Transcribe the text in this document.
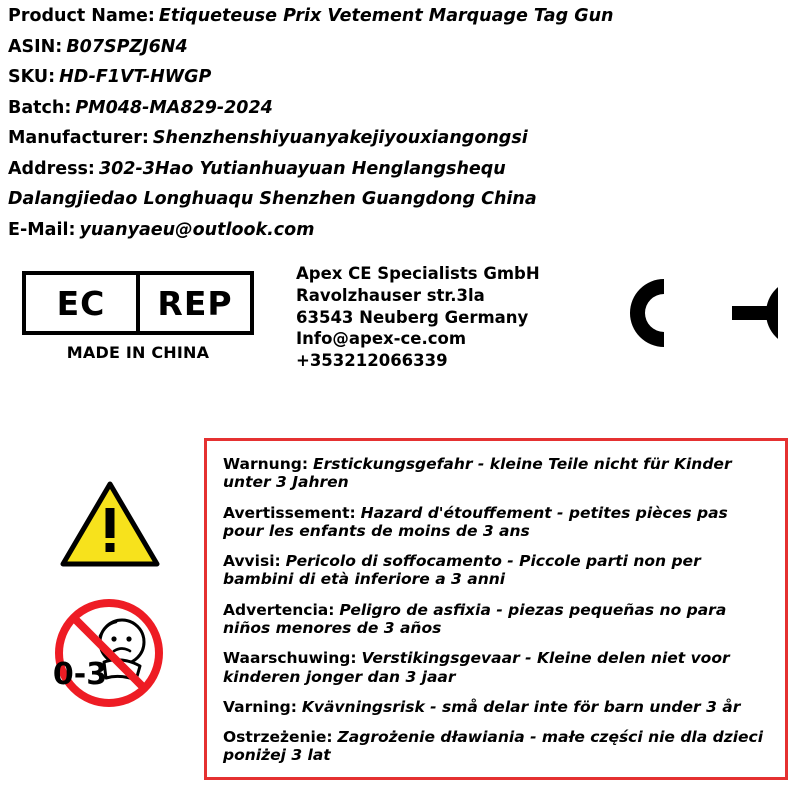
Product Name: Etiqueteuse Prix Vetement Marquage Tag Gun
ASIN: B07SPZJ6N4
SKU: HD-F1VT-HWGP
Batch: PM048-MA829-2024
Manufacturer: Shenzhenshiyuanyakejiyouxiangongsi
Address: 302-3Hao Yutianhuayuan Henglangshequ
Dalangjiedao Longhuaqu Shenzhen Guangdong China
E-Mail: yuanyaeu@outlook.com
EC	REP
MADE IN CHINA
Apex CE Specialists GmbH
Ravolzhauser str.3la
63543 Neuberg Germany
Info@apex-ce.com
+353212066339
0-3
Warnung: Erstickungsgefahr - kleine Teile nicht für Kinder unter 3 Jahren
Avertissement: Hazard d'étouffement - petites pièces pas pour les enfants de moins de 3 ans
Avvisi: Pericolo di soffocamento - Piccole parti non per bambini di età inferiore a 3 anni
Advertencia: Peligro de asfixia - piezas pequeñas no para niños menores de 3 años
Waarschuwing: Verstikingsgevaar - Kleine delen niet voor kinderen jonger dan 3 jaar
Varning: Kvävningsrisk - små delar inte för barn under 3 år
Ostrzeżenie: Zagrożenie dławiania - małe części nie dla dzieci poniżej 3 lat
